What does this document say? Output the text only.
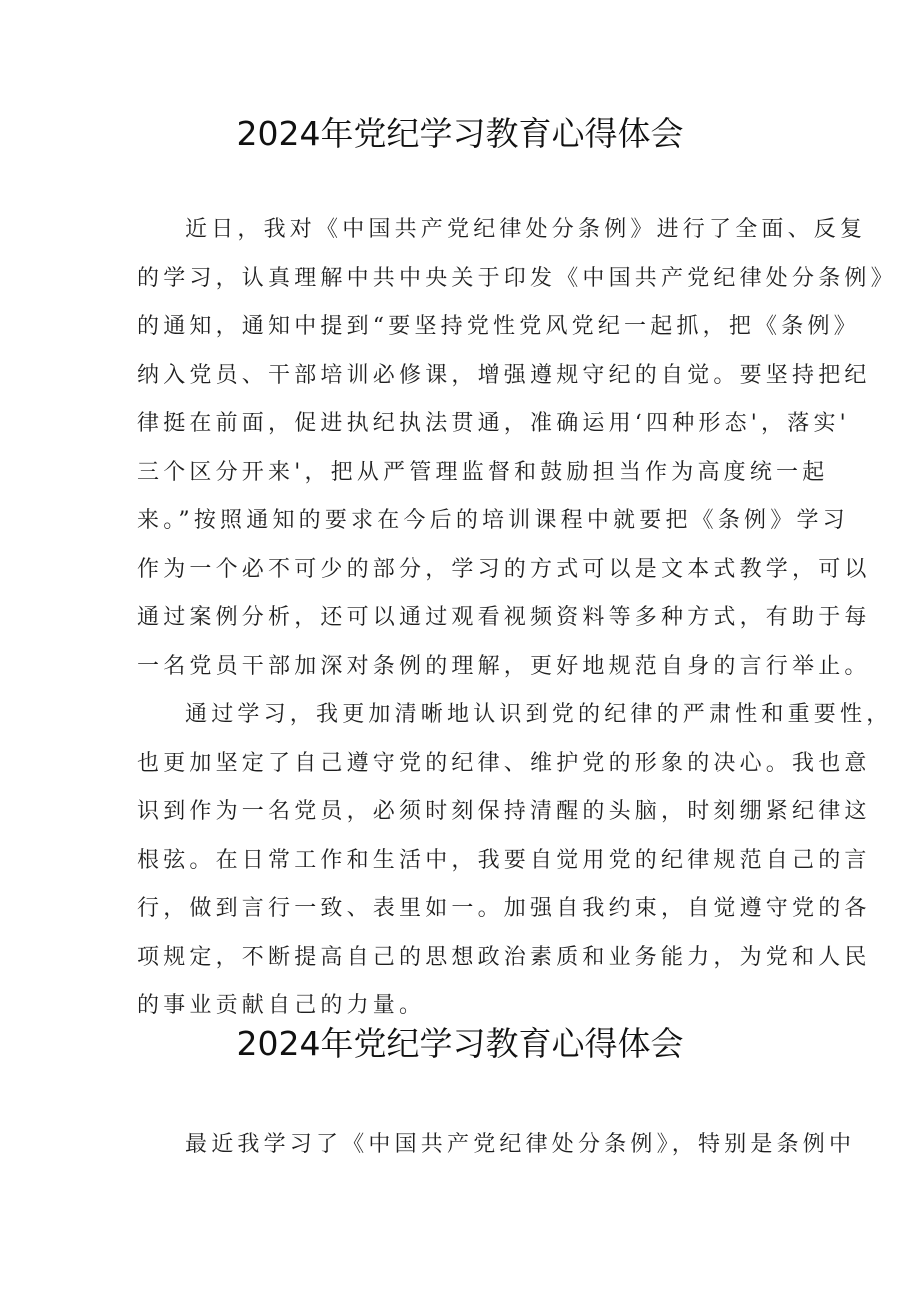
2024年党纪学习教育心得体会
近日，我对《中国共产党纪律处分条例》进行了全面、反复
的学习，认真理解中共中央关于印发《中国共产党纪律处分条例》
的通知，通知中提到“要坚持党性党风党纪一起抓，把《条例》
纳入党员、干部培训必修课，增强遵规守纪的自觉。要坚持把纪
律挺在前面，促进执纪执法贯通，准确运用‘四种形态'，落实'
三个区分开来'，把从严管理监督和鼓励担当作为高度统一起
来。”按照通知的要求在今后的培训课程中就要把《条例》学习
作为一个必不可少的部分，学习的方式可以是文本式教学，可以
通过案例分析，还可以通过观看视频资料等多种方式，有助于每
一名党员干部加深对条例的理解，更好地规范自身的言行举止。
通过学习，我更加清晰地认识到党的纪律的严肃性和重要性，
也更加坚定了自己遵守党的纪律、维护党的形象的决心。我也意
识到作为一名党员，必须时刻保持清醒的头脑，时刻绷紧纪律这
根弦。在日常工作和生活中，我要自觉用党的纪律规范自己的言
行，做到言行一致、表里如一。加强自我约束，自觉遵守党的各
项规定，不断提高自己的思想政治素质和业务能力，为党和人民
的事业贡献自己的力量。
2024年党纪学习教育心得体会
最近我学习了《中国共产党纪律处分条例》，特别是条例中
